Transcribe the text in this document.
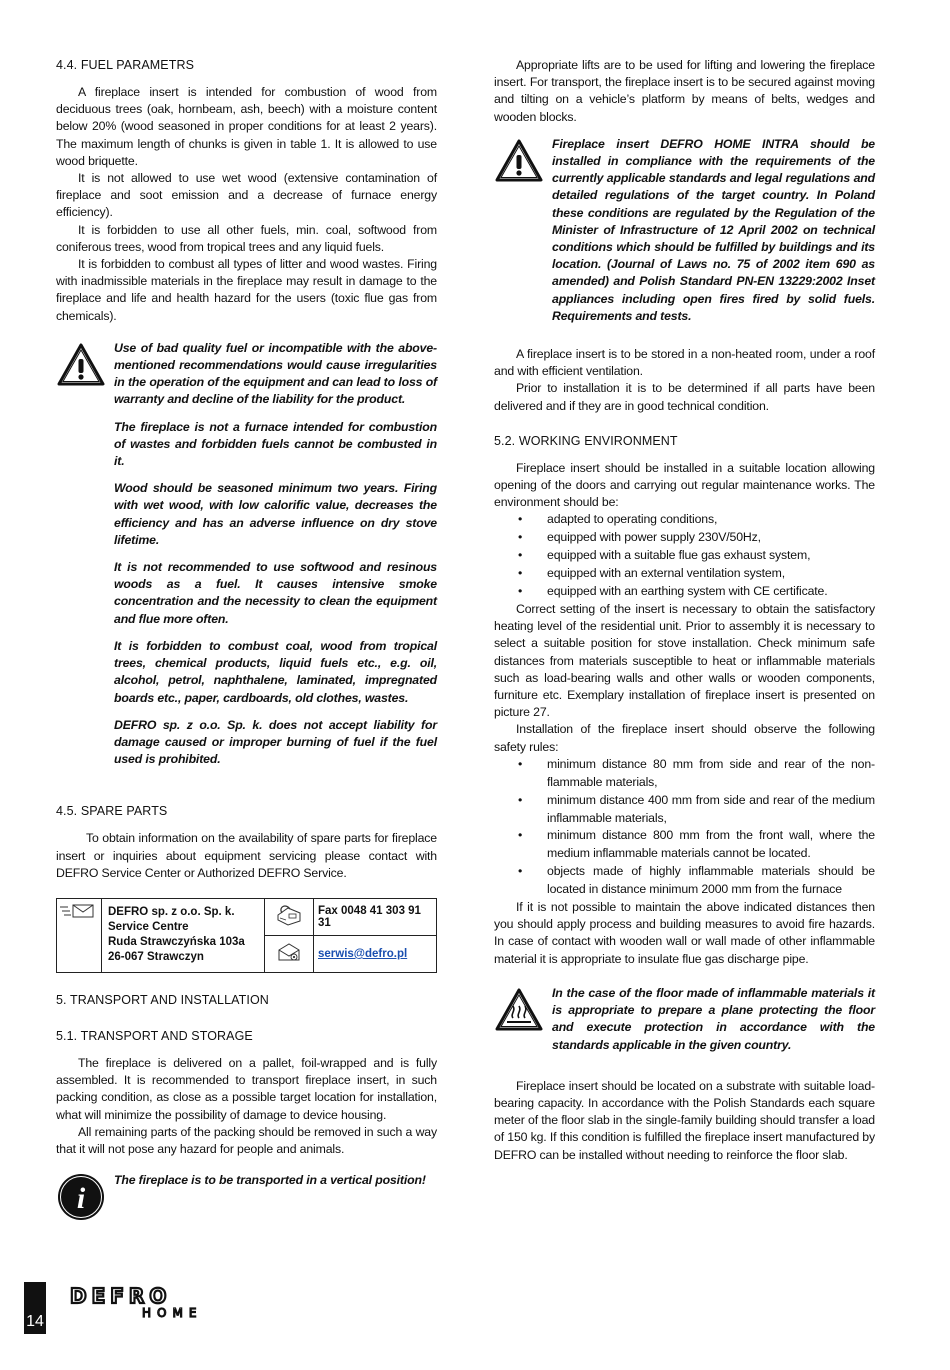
4.4. FUEL PARAMETRS

A fireplace insert is intended for combustion of wood from deciduous trees (oak, hornbeam, ash, beech) with a moisture content below 20% (wood seasoned in proper conditions for at least 2 years). The maximum length of chunks is given in table 1. It is allowed to use wood briquette.

It is not allowed to use wet wood (extensive contamination of fireplace and soot emission and a decrease of furnace energy efficiency).

It is forbidden to use all other fuels, min. coal, softwood from coniferous trees, wood from tropical trees and any liquid fuels.

It is forbidden to combust all types of litter and wood wastes. Firing with inadmissible materials in the fireplace may result in damage to the fireplace and life and health hazard for the users (toxic flue gas from chemicals).

Use of bad quality fuel or incompatible with the above-mentioned recommendations would cause irregularities in the operation of the equipment and can lead to loss of warranty and decline of the liability for the product.

The fireplace is not a furnace intended for combustion of wastes and forbidden fuels cannot be combusted in it.

Wood should be seasoned minimum two years. Firing with wet wood, with low calorific value, decreases the efficiency and has an adverse influence on dry stove lifetime.

It is not recommended to use softwood and resinous woods as a fuel. It causes intensive smoke concentration and the necessity to clean the equipment and flue more often.

It is forbidden to combust coal, wood from tropical trees, chemical products, liquid fuels etc., e.g. oil, alcohol, petrol, naphthalene, laminated, impregnated boards etc., paper, cardboards, old clothes, wastes.

DEFRO sp. z o.o. Sp. k. does not accept liability for damage caused or improper burning of fuel if the fuel used is prohibited.

4.5. SPARE PARTS

To obtain information on the availability of spare parts for fireplace insert or inquiries about equipment servicing please contact with DEFRO Service Center or Authorized DEFRO Service.

DEFRO sp. z o.o. Sp. k.
Service Centre
Ruda Strawczyńska 103a
26-067 Strawczyn		Fax 0048 41 303 91 31
	serwis@defro.pl
5. TRANSPORT AND INSTALLATION
5.1. TRANSPORT AND STORAGE

The fireplace is delivered on a pallet, foil-wrapped and is fully assembled. It is recommended to transport fireplace insert, in such packing condition, as close as a possible target location for installation, what will minimize the possibility of damage to device housing.

All remaining parts of the packing should be removed in such a way that it will not pose any hazard for people and animals.

i

The fireplace is to be transported in a vertical position!

Appropriate lifts are to be used for lifting and lowering the fireplace insert. For transport, the fireplace insert is to be secured against moving and tilting on a vehicle’s platform by means of belts, wedges and wooden blocks.

Fireplace insert DEFRO HOME INTRA should be installed in compliance with the requirements of the currently applicable standards and legal regulations and detailed regulations of the target country. In Poland these conditions are regulated by the Regulation of the Minister of Infrastructure of 12 April 2002 on technical conditions which should be fulfilled by buildings and its location. (Journal of Laws no. 75 of 2002 item 690 as amended) and Polish Standard PN-EN 13229:2002 Inset appliances including open fires fired by solid fuels. Requirements and tests.

A fireplace insert is to be stored in a non-heated room, under a roof and with efficient ventilation.

Prior to installation it is to be determined if all parts have been delivered and if they are in good technical condition.

5.2. WORKING ENVIRONMENT

Fireplace insert should be installed in a suitable location allowing opening of the doors and carrying out regular maintenance works. The environment should be:

• adapted to operating conditions,
• equipped with power supply 230V/50Hz,
• equipped with a suitable flue gas exhaust system,
• equipped with an external ventilation system,
• equipped with an earthing system with CE certificate.

Correct setting of the insert is necessary to obtain the satisfactory heating level of the residential unit. Prior to assembly it is necessary to select a suitable position for stove installation. Check minimum safe distances from materials susceptible to heat or inflammable materials such as load-bearing walls and other walls or wooden components, furniture etc. Exemplary installation of fireplace insert is presented on picture 27.

Installation of the fireplace insert should observe the following safety rules:

• minimum distance 80 mm from side and rear of the non-flammable materials,
• minimum distance 400 mm from side and rear of the medium inflammable materials,
• minimum distance 800 mm from the front wall, where the medium inflammable materials cannot be located.
• objects made of highly inflammable materials should be located in distance minimum 2000 mm from the furnace

If it is not possible to maintain the above indicated distances then you should apply process and building measures to avoid fire hazards. In case of contact with wooden wall or wall made of other inflammable material it is appropriate to insulate flue gas discharge pipe.

In the case of the floor made of inflammable materials it is appropriate to prepare a plane protecting the floor and execute protection in accordance with the standards applicable in the given country.

Fireplace insert should be located on a substrate with suitable load-bearing capacity. In accordance with the Polish Standards each square meter of the floor slab in the single-family building should transfer a load of 150 kg. If this condition is fulfilled the fireplace insert manufactured by DEFRO can be installed without needing to reinforce the floor slab.

14
DEFRO
HOME
